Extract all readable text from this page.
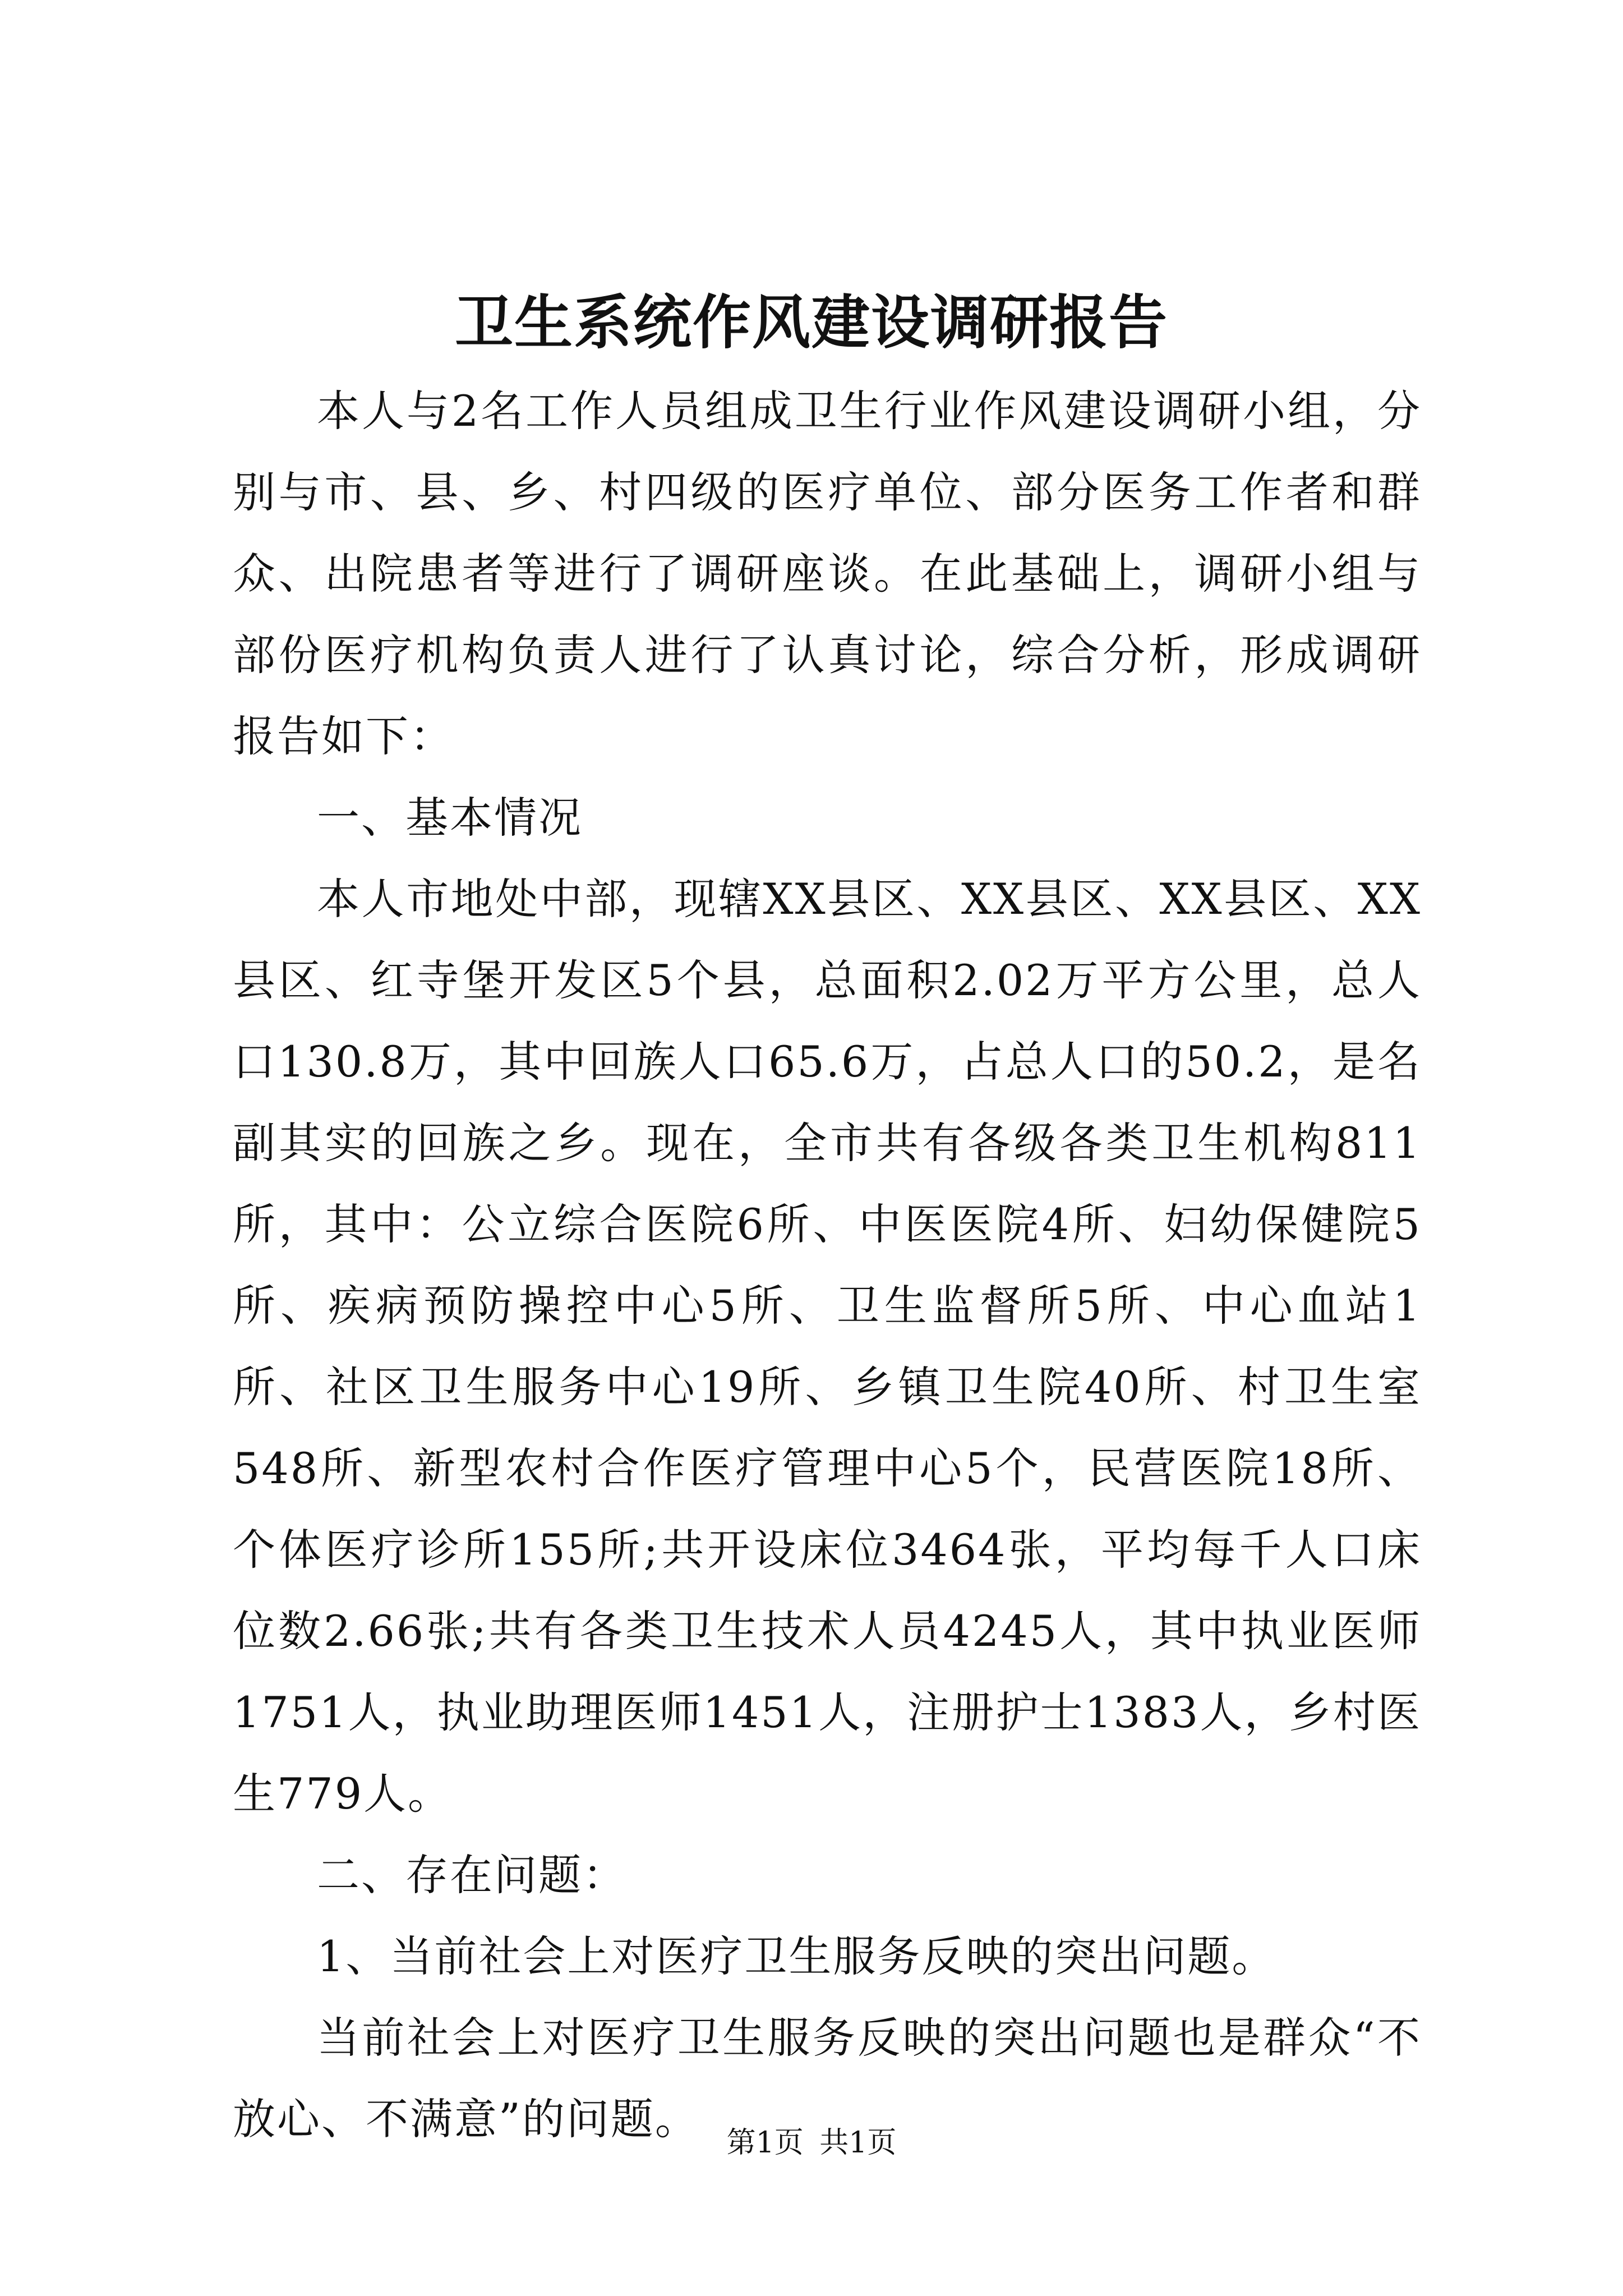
卫生系统作风建设调研报告

本人与2名工作人员组成卫生行业作风建设调研小组，分别与市、县、乡、村四级的医疗单位、部分医务工作者和群众、出院患者等进行了调研座谈。在此基础上，调研小组与部份医疗机构负责人进行了认真讨论，综合分析，形成调研报告如下：

一、基本情况

本人市地处中部，现辖XX县区、XX县区、XX县区、XX县区、红寺堡开发区5个县，总面积2.02万平方公里，总人口130.8万，其中回族人口65.6万，占总人口的50.2，是名副其实的回族之乡。现在，全市共有各级各类卫生机构811所，其中：公立综合医院6所、中医医院4所、妇幼保健院5所、疾病预防操控中心5所、卫生监督所5所、中心血站1所、社区卫生服务中心19所、乡镇卫生院40所、村卫生室548所、新型农村合作医疗管理中心5个，民营医院18所、个体医疗诊所155所;共开设床位3464张，平均每千人口床位数2.66张;共有各类卫生技术人员4245人，其中执业医师1751人，执业助理医师1451人，注册护士1383人，乡村医生779人。

二、存在问题：

1、当前社会上对医疗卫生服务反映的突出问题。

当前社会上对医疗卫生服务反映的突出问题也是群众“不放心、不满意”的问题。 第1页 共1页
